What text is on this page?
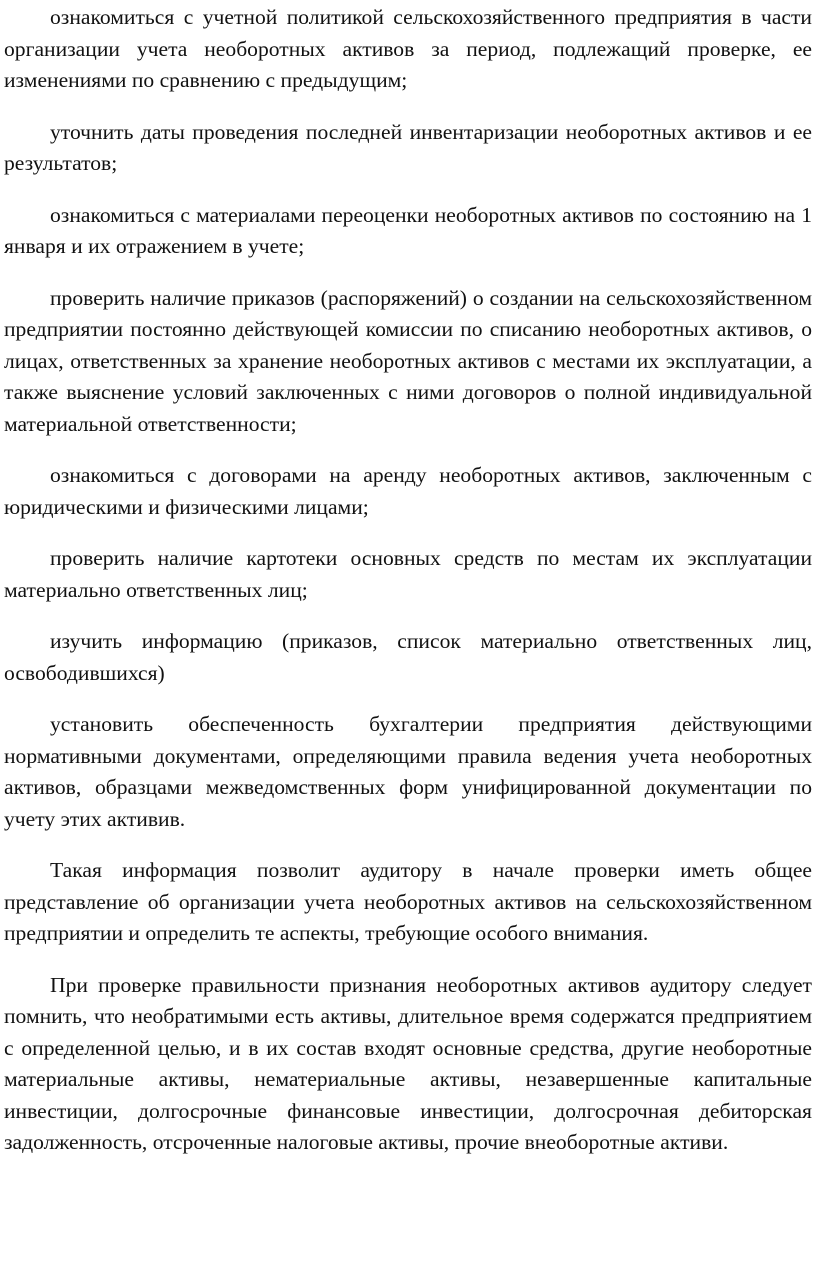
ознакомиться с учетной политикой сельскохозяйственного предприятия в части организации учета необоротных активов за период, подлежащий проверке, ее изменениями по сравнению с предыдущим;

уточнить даты проведения последней инвентаризации необоротных активов и ее результатов;

ознакомиться с материалами переоценки необоротных активов по состоянию на 1 января и их отражением в учете;

проверить наличие приказов (распоряжений) о создании на сельскохозяйственном предприятии постоянно действующей комиссии по списанию необоротных активов, о лицах, ответственных за хранение необоротных активов с местами их эксплуатации, а также выяснение условий заключенных с ними договоров о полной индивидуальной материальной ответственности;

ознакомиться с договорами на аренду необоротных активов, заключенным с юридическими и физическими лицами;

проверить наличие картотеки основных средств по местам их эксплуатации материально ответственных лиц;

изучить информацию (приказов, список материально ответственных лиц, освободившихся)

установить обеспеченность бухгалтерии предприятия действующими нормативными документами, определяющими правила ведения учета необоротных активов, образцами межведомственных форм унифицированной документации по учету этих активив.

Такая информация позволит аудитору в начале проверки иметь общее представление об организации учета необоротных активов на сельскохозяйственном предприятии и определить те аспекты, требующие особого внимания.

При проверке правильности признания необоротных активов аудитору следует помнить, что необратимыми есть активы, длительное время содержатся предприятием с определенной целью, и в их состав входят основные средства, другие необоротные материальные активы, нематериальные активы, незавершенные капитальные инвестиции, долгосрочные финансовые инвестиции, долгосрочная дебиторская задолженность, отсроченные налоговые активы, прочие внеоборотные активи.
